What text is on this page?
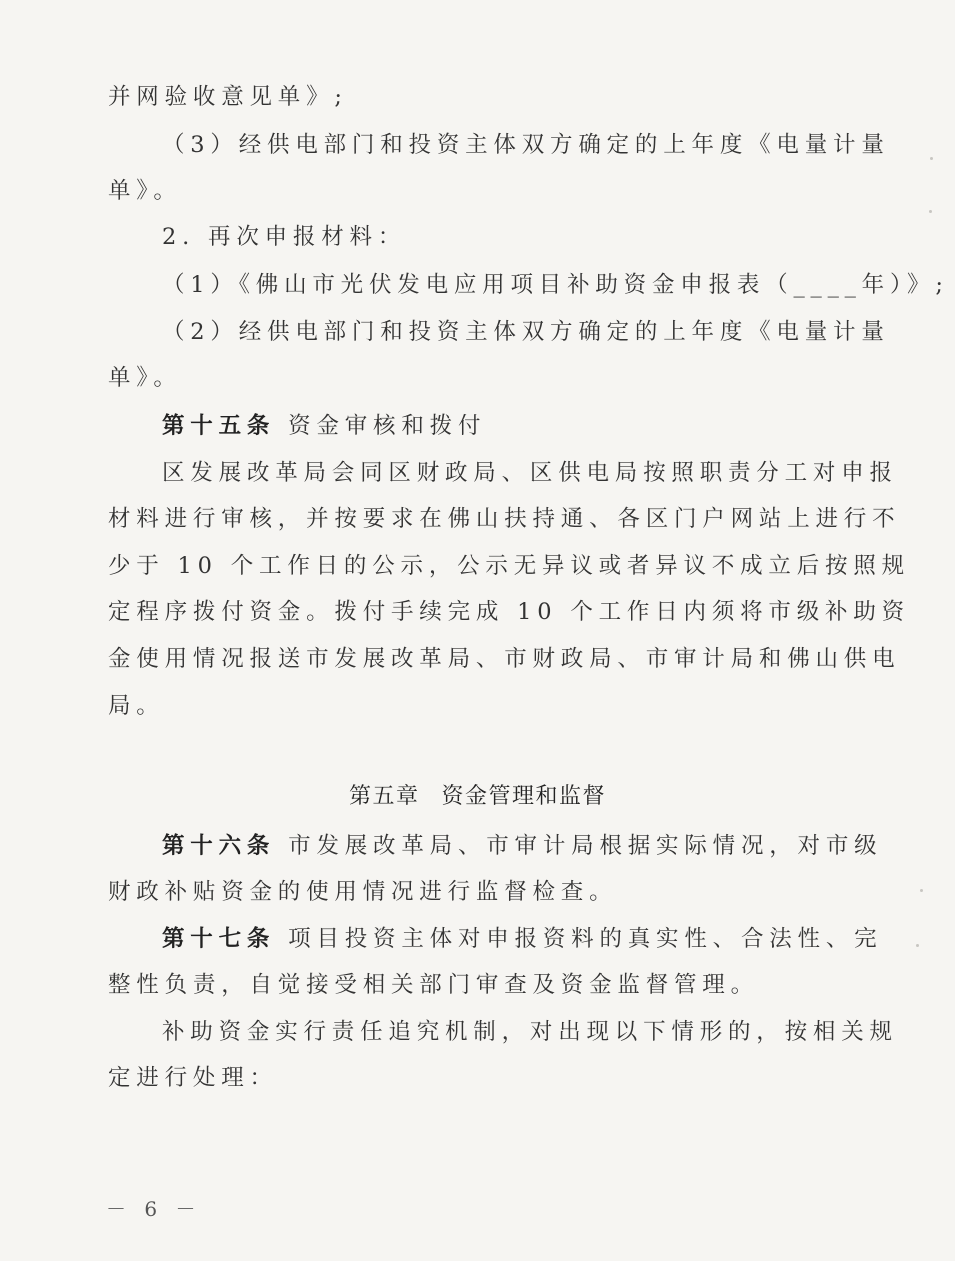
并网验收意见单》;

（3）经供电部门和投资主体双方确定的上年度《电量计量

单》。

2. 再次申报材料：

（1）《佛山市光伏发电应用项目补助资金申报表（____年）》;

（2）经供电部门和投资主体双方确定的上年度《电量计量

单》。

第十五条 资金审核和拨付

区发展改革局会同区财政局、区供电局按照职责分工对申报

材料进行审核，并按要求在佛山扶持通、各区门户网站上进行不

少于 10 个工作日的公示，公示无异议或者异议不成立后按照规

定程序拨付资金。拨付手续完成 10 个工作日内须将市级补助资

金使用情况报送市发展改革局、市财政局、市审计局和佛山供电

局。

第五章 资金管理和监督

第十六条 市发展改革局、市审计局根据实际情况，对市级

财政补贴资金的使用情况进行监督检查。

第十七条 项目投资主体对申报资料的真实性、合法性、完

整性负责，自觉接受相关部门审查及资金监督管理。

补助资金实行责任追究机制，对出现以下情形的，按相关规

定进行处理：

－ 6 －
